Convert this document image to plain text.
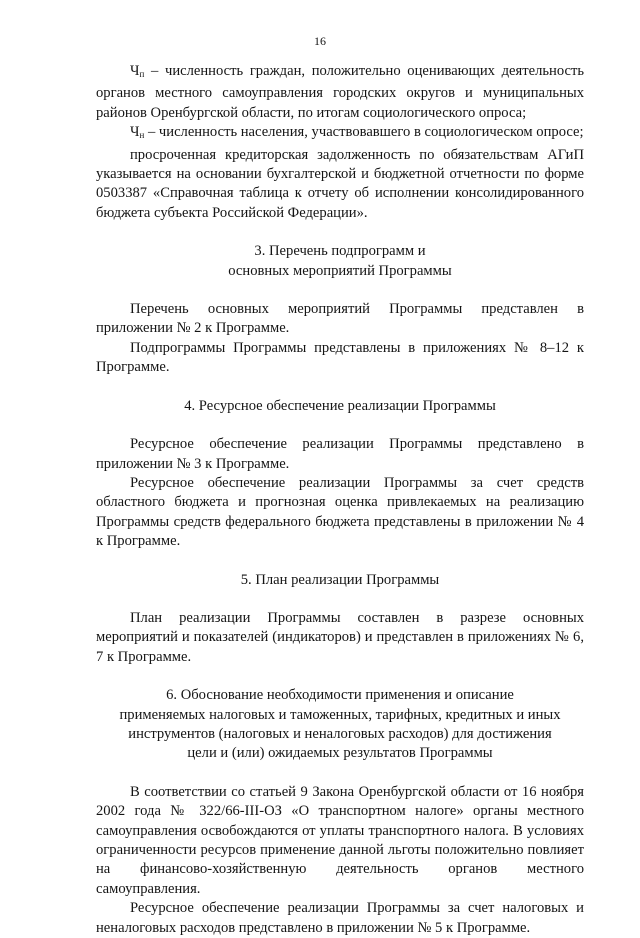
16

$Ч_п$ – численность граждан, положительно оценивающих деятельность органов местного самоуправления городских округов и муниципальных районов Оренбургской области, по итогам социологического опроса;

$Ч_н$ – численность населения, участвовавшего в социологическом опросе;

просроченная кредиторская задолженность по обязательствам АГиП указывается на основании бухгалтерской и бюджетной отчетности по форме 0503387 «Справочная таблица к отчету об исполнении консолидированного бюджета субъекта Российской Федерации».

3. Перечень подпрограмм и

основных мероприятий Программы

Перечень основных мероприятий Программы представлен в приложении № 2 к Программе.

Подпрограммы Программы представлены в приложениях № 8–12 к Программе.

4. Ресурсное обеспечение реализации Программы

Ресурсное обеспечение реализации Программы представлено в приложении № 3 к Программе.

Ресурсное обеспечение реализации Программы за счет средств областного бюджета и прогнозная оценка привлекаемых на реализацию Программы средств федерального бюджета представлены в приложении № 4 к Программе.

5. План реализации Программы

План реализации Программы составлен в разрезе основных мероприятий и показателей (индикаторов) и представлен в приложениях № 6, 7 к Программе.

6. Обоснование необходимости применения и описание

применяемых налоговых и таможенных, тарифных, кредитных и иных

инструментов (налоговых и неналоговых расходов) для достижения

цели и (или) ожидаемых результатов Программы

В соответствии со статьей 9 Закона Оренбургской области от 16 ноября 2002 года № 322/66-III-ОЗ «О транспортном налоге» органы местного самоуправления освобождаются от уплаты транспортного налога. В условиях ограниченности ресурсов применение данной льготы положительно повлияет на финансово-хозяйственную деятельность органов местного самоуправления.

Ресурсное обеспечение реализации Программы за счет налоговых и неналоговых расходов представлено в приложении № 5 к Программе.
